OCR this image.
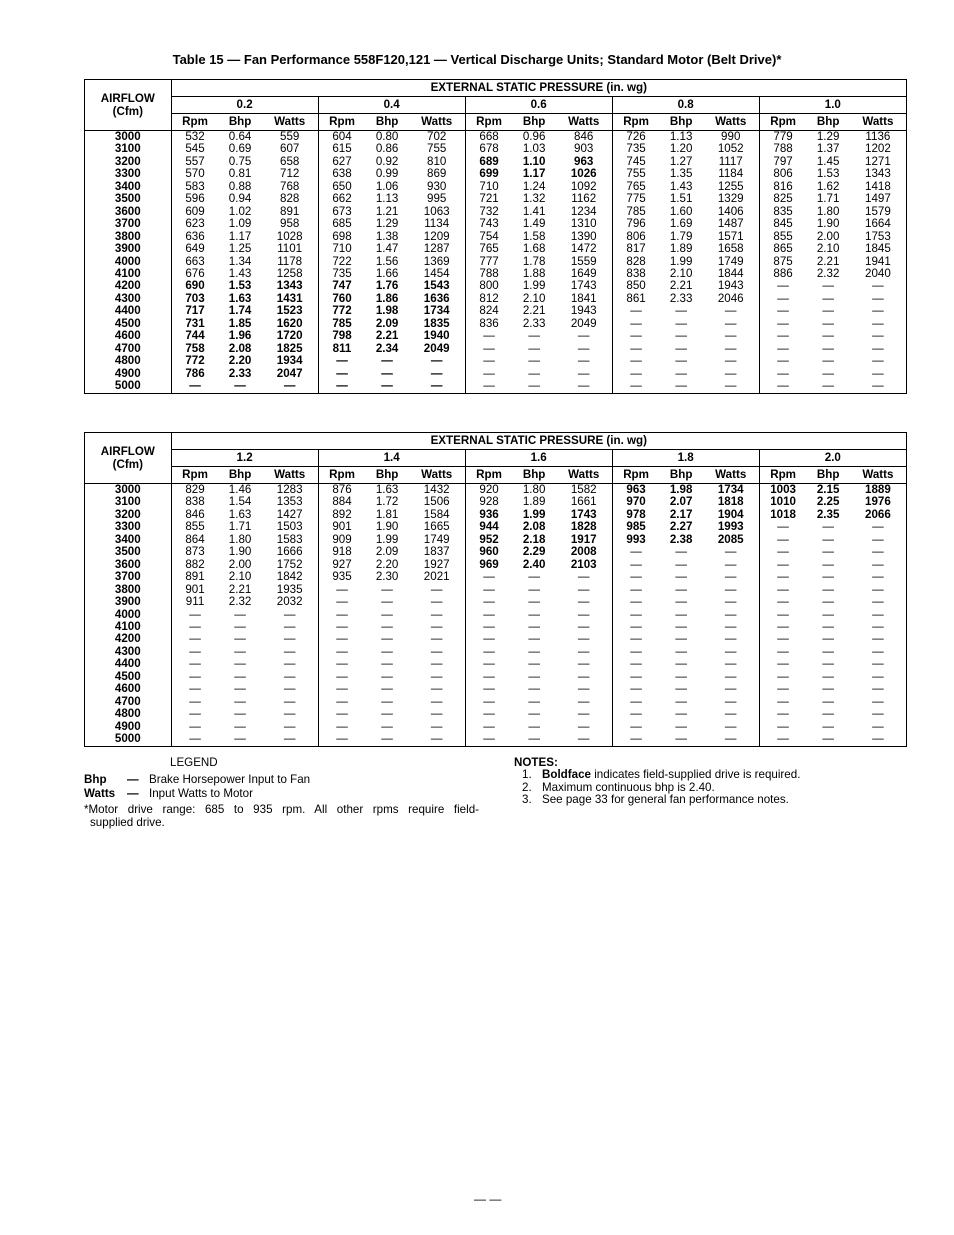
Table 15 — Fan Performance 558F120,121 — Vertical Discharge Units; Standard Motor (Belt Drive)*
AIRFLOW
(Cfm)	EXTERNAL STATIC PRESSURE (in. wg)														
	0.2			0.4			0.6			0.8			1.0		
	Rpm	Bhp	Watts	Rpm	Bhp	Watts	Rpm	Bhp	Watts	Rpm	Bhp	Watts	Rpm	Bhp	Watts
3000	532	0.64	559	604	0.80	702	668	0.96	846	726	1.13	990	779	1.29	1136
3100	545	0.69	607	615	0.86	755	678	1.03	903	735	1.20	1052	788	1.37	1202
3200	557	0.75	658	627	0.92	810	689	1.10	963	745	1.27	1117	797	1.45	1271
3300	570	0.81	712	638	0.99	869	699	1.17	1026	755	1.35	1184	806	1.53	1343
3400	583	0.88	768	650	1.06	930	710	1.24	1092	765	1.43	1255	816	1.62	1418
3500	596	0.94	828	662	1.13	995	721	1.32	1162	775	1.51	1329	825	1.71	1497
3600	609	1.02	891	673	1.21	1063	732	1.41	1234	785	1.60	1406	835	1.80	1579
3700	623	1.09	958	685	1.29	1134	743	1.49	1310	796	1.69	1487	845	1.90	1664
3800	636	1.17	1028	698	1.38	1209	754	1.58	1390	806	1.79	1571	855	2.00	1753
3900	649	1.25	1101	710	1.47	1287	765	1.68	1472	817	1.89	1658	865	2.10	1845
4000	663	1.34	1178	722	1.56	1369	777	1.78	1559	828	1.99	1749	875	2.21	1941
4100	676	1.43	1258	735	1.66	1454	788	1.88	1649	838	2.10	1844	886	2.32	2040
4200	690	1.53	1343	747	1.76	1543	800	1.99	1743	850	2.21	1943	—	—	—
4300	703	1.63	1431	760	1.86	1636	812	2.10	1841	861	2.33	2046	—	—	—
4400	717	1.74	1523	772	1.98	1734	824	2.21	1943	—	—	—	—	—	—
4500	731	1.85	1620	785	2.09	1835	836	2.33	2049	—	—	—	—	—	—
4600	744	1.96	1720	798	2.21	1940	—	—	—	—	—	—	—	—	—
4700	758	2.08	1825	811	2.34	2049	—	—	—	—	—	—	—	—	—
4800	772	2.20	1934	—	—	—	—	—	—	—	—	—	—	—	—
4900	786	2.33	2047	—	—	—	—	—	—	—	—	—	—	—	—
5000	—	—	—	—	—	—	—	—	—	—	—	—	—	—	—
AIRFLOW
(Cfm)	EXTERNAL STATIC PRESSURE (in. wg)														
	1.2			1.4			1.6			1.8			2.0		
	Rpm	Bhp	Watts	Rpm	Bhp	Watts	Rpm	Bhp	Watts	Rpm	Bhp	Watts	Rpm	Bhp	Watts
3000	829	1.46	1283	876	1.63	1432	920	1.80	1582	963	1.98	1734	1003	2.15	1889
3100	838	1.54	1353	884	1.72	1506	928	1.89	1661	970	2.07	1818	1010	2.25	1976
3200	846	1.63	1427	892	1.81	1584	936	1.99	1743	978	2.17	1904	1018	2.35	2066
3300	855	1.71	1503	901	1.90	1665	944	2.08	1828	985	2.27	1993	—	—	—
3400	864	1.80	1583	909	1.99	1749	952	2.18	1917	993	2.38	2085	—	—	—
3500	873	1.90	1666	918	2.09	1837	960	2.29	2008	—	—	—	—	—	—
3600	882	2.00	1752	927	2.20	1927	969	2.40	2103	—	—	—	—	—	—
3700	891	2.10	1842	935	2.30	2021	—	—	—	—	—	—	—	—	—
3800	901	2.21	1935	—	—	—	—	—	—	—	—	—	—	—	—
3900	911	2.32	2032	—	—	—	—	—	—	—	—	—	—	—	—
4000	—	—	—	—	—	—	—	—	—	—	—	—	—	—	—
4100	—	—	—	—	—	—	—	—	—	—	—	—	—	—	—
4200	—	—	—	—	—	—	—	—	—	—	—	—	—	—	—
4300	—	—	—	—	—	—	—	—	—	—	—	—	—	—	—
4400	—	—	—	—	—	—	—	—	—	—	—	—	—	—	—
4500	—	—	—	—	—	—	—	—	—	—	—	—	—	—	—
4600	—	—	—	—	—	—	—	—	—	—	—	—	—	—	—
4700	—	—	—	—	—	—	—	—	—	—	—	—	—	—	—
4800	—	—	—	—	—	—	—	—	—	—	—	—	—	—	—
4900	—	—	—	—	—	—	—	—	—	—	—	—	—	—	—
5000	—	—	—	—	—	—	—	—	—	—	—	—	—	—	—
LEGEND
Bhp — Brake Horsepower Input to Fan
Watts — Input Watts to Motor
*Motor drive range: 685 to 935 rpm. All other rpms require field-
supplied drive.
NOTES:
1. Boldface indicates field-supplied drive is required.
2. Maximum continuous bhp is 2.40.
3. See page 33 for general fan performance notes.
— —
